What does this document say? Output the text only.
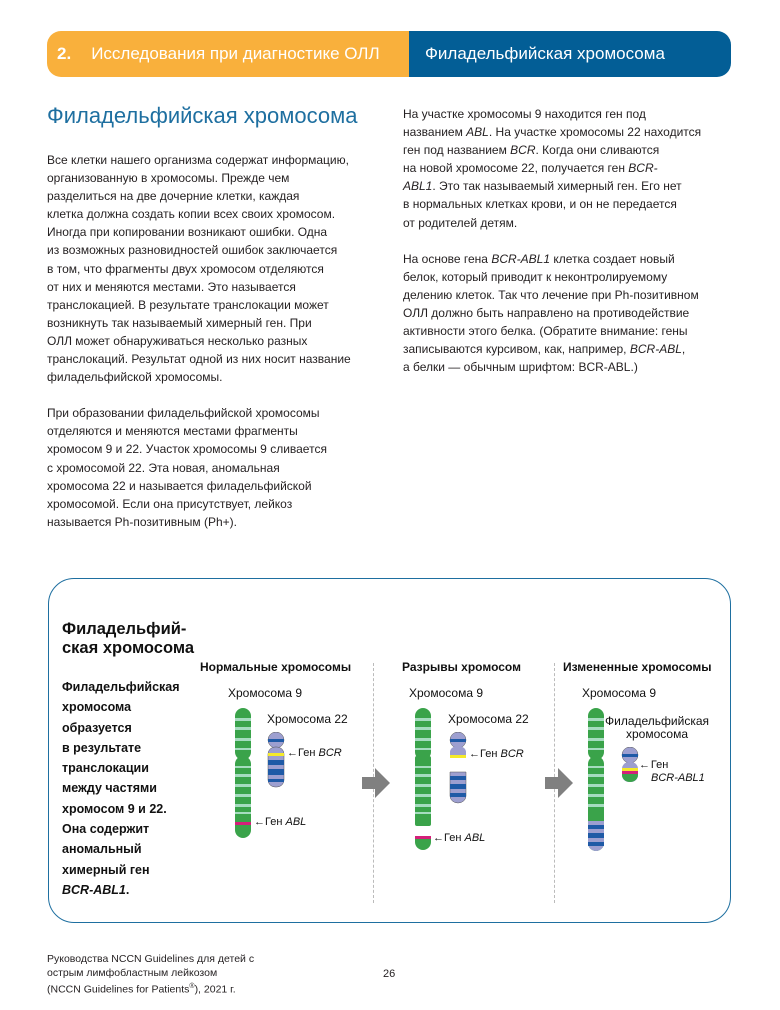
2. Исследования при диагностике ОЛЛ	Филадельфийская хромосома
Филадельфийская хромосома
Все клетки нашего организма содержат информацию,
организованную в хромосомы. Прежде чем
разделиться на две дочерние клетки, каждая
клетка должна создать копии всех своих хромосом.
Иногда при копировании возникают ошибки. Одна
из возможных разновидностей ошибок заключается
в том, что фрагменты двух хромосом отделяются
от них и меняются местами. Это называется
транслокацией. В результате транслокации может
возникнуть так называемый химерный ген. При
ОЛЛ может обнаруживаться несколько разных
транслокаций. Результат одной из них носит название
филадельфийской хромосомы.
При образовании филадельфийской хромосомы
отделяются и меняются местами фрагменты
хромосом 9 и 22. Участок хромосомы 9 сливается
с хромосомой 22. Эта новая, аномальная
хромосома 22 и называется филадельфийской
хромосомой. Если она присутствует, лейкоз
называется Ph-позитивным (Ph+).
На участке хромосомы 9 находится ген под
названием ABL. На участке хромосомы 22 находится
ген под названием BCR. Когда они сливаются
на новой хромосоме 22, получается ген BCR-
ABL1. Это так называемый химерный ген. Его нет
в нормальных клетках крови, и он не передается
от родителей детям.
На основе гена BCR-ABL1 клетка создает новый
белок, который приводит к неконтролируемому
делению клеток. Так что лечение при Ph-позитивном
ОЛЛ должно быть направлено на противодействие
активности этого белка. (Обратите внимание: гены
записываются курсивом, как, например, BCR-ABL,
а белки — обычным шрифтом: BCR-ABL.)
Филадельфий-
ская хромосома
Филадельфийская
хромосома
образуется
в результате
транслокации
между частями
хромосом 9 и 22.
Она содержит
аномальный
химерный ген
BCR-ABL1.
Нормальные хромосомы	Разрывы хромосом	Измененные хромосомы
Хромосома 9
Хромосома 22
←Ген BCR
←Ген ABL
Хромосома 9
Хромосома 22
←Ген BCR
←Ген ABL
Хромосома 9
Филадельфийская
хромосома
← Ген
BCR-ABL1
Руководства NCCN Guidelines для детей с
острым лимфобластным лейкозом
(NCCN Guidelines for Patients®), 2021 г.
26
